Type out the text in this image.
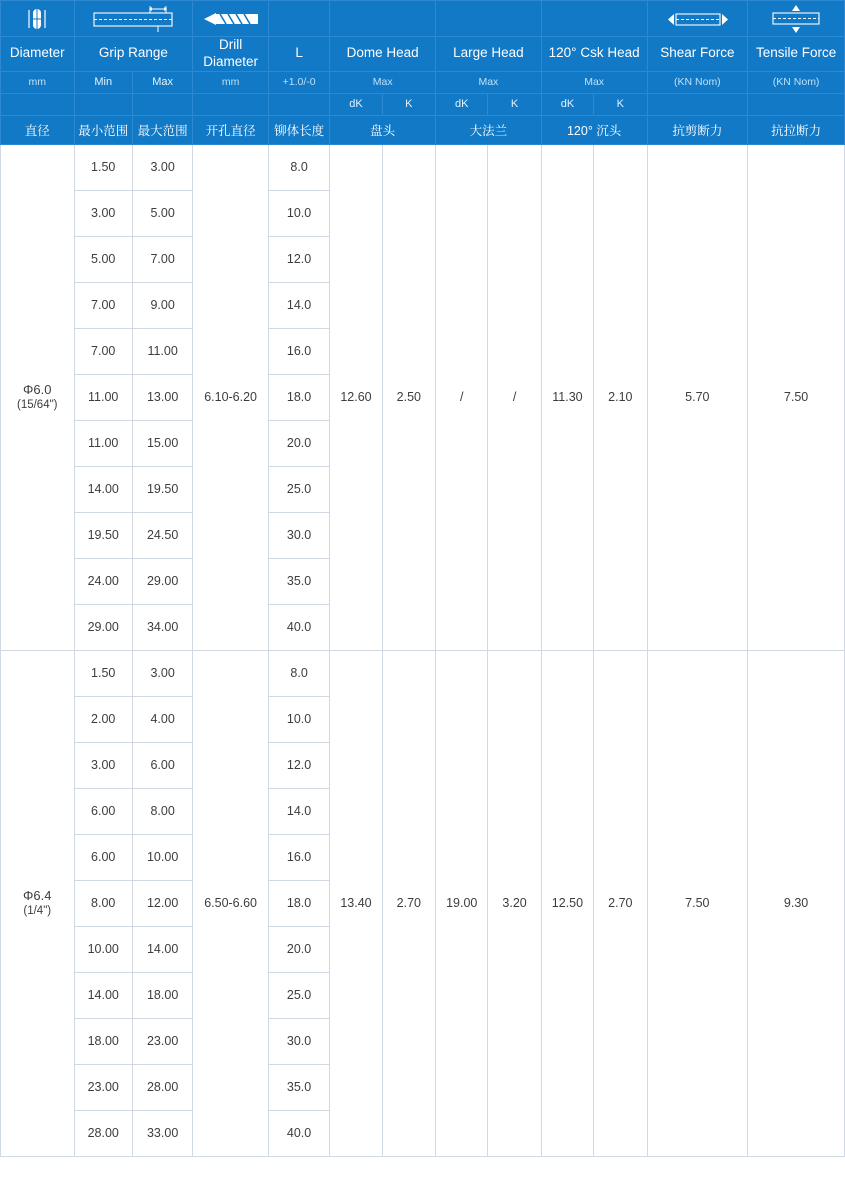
Diameter	Grip Range		Drill Diameter	L	Dome Head		Large Head		120° Csk Head		Shear Force	Tensile Force
mm	Min	Max	mm	+1.0/-0	Max		Max		Max		(KN Nom)	(KN Nom)
					dK	K	dK	K	dK	K		
直径	最小范围	最大范围	开孔直径	铆体长度	盘头		大法兰		120° 沉头		抗剪断力	抗拉断力

Φ6.0
(15/64")	1.50	3.00	6.10-6.20	8.0	12.60	2.50	/	/	11.30	2.10	5.70	7.50
	3.00	5.00		10.0								
	5.00	7.00		12.0								
	7.00	9.00		14.0								
	7.00	11.00		16.0								
	11.00	13.00		18.0								
	11.00	15.00		20.0								
	14.00	19.50		25.0								
	19.50	24.50		30.0								
	24.00	29.00		35.0								
	29.00	34.00		40.0								

Φ6.4
(1/4")	1.50	3.00	6.50-6.60	8.0	13.40	2.70	19.00	3.20	12.50	2.70	7.50	9.30
	2.00	4.00		10.0								
	3.00	6.00		12.0								
	6.00	8.00		14.0								
	6.00	10.00		16.0								
	8.00	12.00		18.0								
	10.00	14.00		20.0								
	14.00	18.00		25.0								
	18.00	23.00		30.0								
	23.00	28.00		35.0								
	28.00	33.00		40.0								
